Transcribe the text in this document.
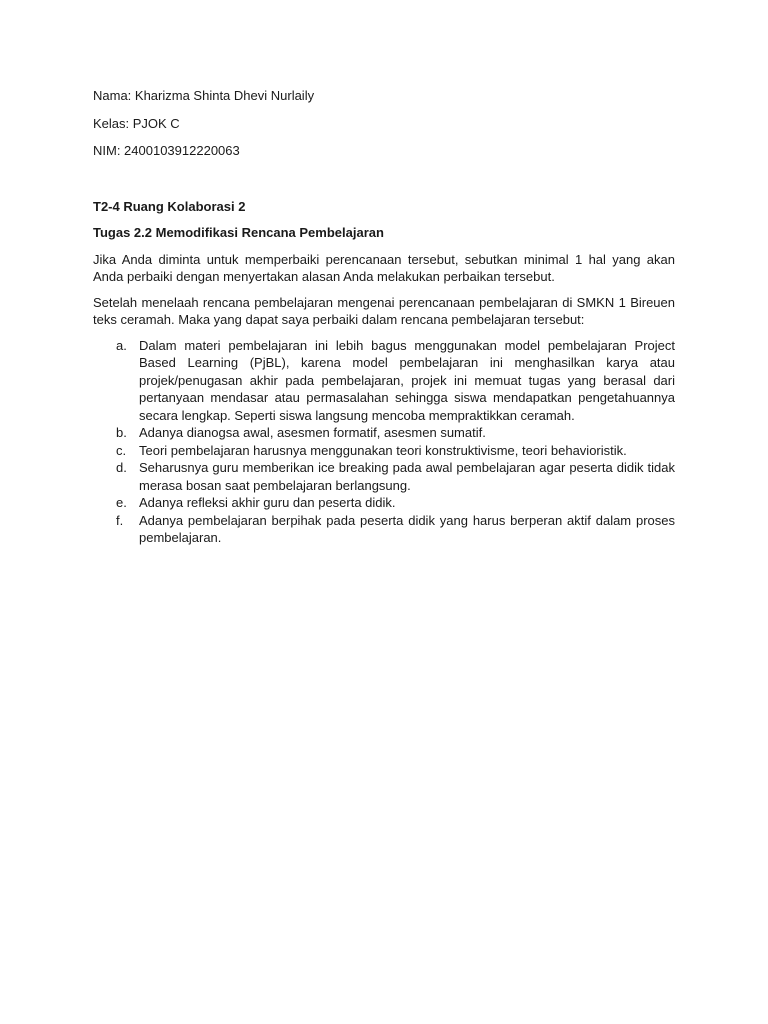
Nama: Kharizma Shinta Dhevi Nurlaily

Kelas: PJOK C

NIM: 2400103912220063

T2-4 Ruang Kolaborasi 2

Tugas 2.2 Memodifikasi Rencana Pembelajaran

Jika Anda diminta untuk memperbaiki perencanaan tersebut, sebutkan minimal 1 hal yang akan Anda perbaiki dengan menyertakan alasan Anda melakukan perbaikan tersebut.

Setelah menelaah rencana pembelajaran mengenai perencanaan pembelajaran di SMKN 1 Bireuen teks ceramah. Maka yang dapat saya perbaiki dalam rencana pembelajaran tersebut:

a. Dalam materi pembelajaran ini lebih bagus menggunakan model pembelajaran Project Based Learning (PjBL), karena model pembelajaran ini menghasilkan karya atau projek/penugasan akhir pada pembelajaran, projek ini memuat tugas yang berasal dari pertanyaan mendasar atau permasalahan sehingga siswa mendapatkan pengetahuannya secara lengkap. Seperti siswa langsung mencoba mempraktikkan ceramah.
b. Adanya dianogsa awal, asesmen formatif, asesmen sumatif.
c. Teori pembelajaran harusnya menggunakan teori konstruktivisme, teori behavioristik.
d. Seharusnya guru memberikan ice breaking pada awal pembelajaran agar peserta didik tidak merasa bosan saat pembelajaran berlangsung.
e. Adanya refleksi akhir guru dan peserta didik.
f. Adanya pembelajaran berpihak pada peserta didik yang harus berperan aktif dalam proses pembelajaran.
